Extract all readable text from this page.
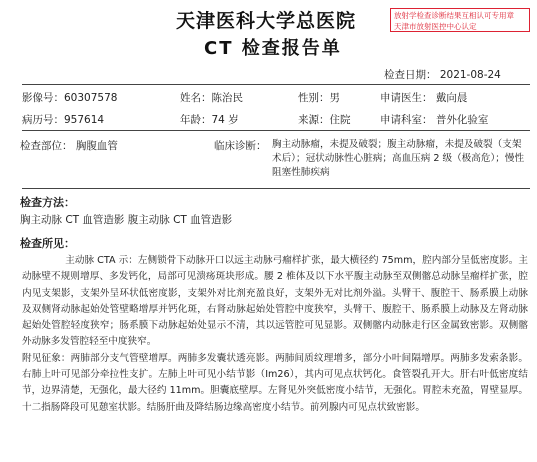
天津医科大学总医院
CT 检查报告单
放射学检查诊断结果互相认可专用章
天津市放射医控中心认定
检查日期： 2021-08-24
影像号：60307578	姓名：陈治民	性别：男	申请医生： 戴向晨
病历号：957614	年龄：74 岁	来源：住院	申请科室： 普外化验室
检查部位： 胸腹血管	临床诊断： 胸主动脉瘤，未提及破裂；腹主动脉瘤，未提及破裂（支架术后）；冠状动脉性心脏病；高血压病 2 级（极高危）；慢性阻塞性肺疾病
检查方法：
胸主动脉 CT 血管造影 腹主动脉 CT 血管造影
检查所见：

主动脉 CTA 示：左侧锁骨下动脉开口以远主动脉弓瘤样扩张，最大横径约 75mm，腔内部分呈低密度影。主动脉壁不规则增厚、多发钙化，局部可见溃疡斑块形成。腰 2 椎体及以下水平腹主动脉至双侧髂总动脉呈瘤样扩张，腔内见支架影，支架外呈环状低密度影，支架外对比剂充盈良好，支架外无对比剂外溢。头臂干、腹腔干、肠系膜上动脉及双侧肾动脉起始处管壁略增厚并钙化斑，右肾动脉起始处管腔中度狭窄，头臂干、腹腔干、肠系膜上动脉及左肾动脉起始处管腔轻度狭窄；肠系膜下动脉起始处显示不清，其以远管腔可见显影。双侧髂内动脉走行区金属致密影。双侧髂外动脉多发管腔轻至中度狭窄。

附见征象：两肺部分支气管壁增厚。两肺多发囊状透亮影。两肺间质纹理增多，部分小叶间隔增厚。两肺多发索条影。右肺上叶可见部分牵拉性支扩。左肺上叶可见小结节影（Im26），其内可见点状钙化。食管裂孔开大。肝右叶低密度结节，边界清楚，无强化，最大径约 11mm。胆囊底壁厚。左肾见外突低密度小结节，无强化。胃腔未充盈，胃壁显厚。十二指肠降段可见憩室状影。结肠肝曲及降结肠边缘高密度小结节。前列腺内可见点状致密影。
